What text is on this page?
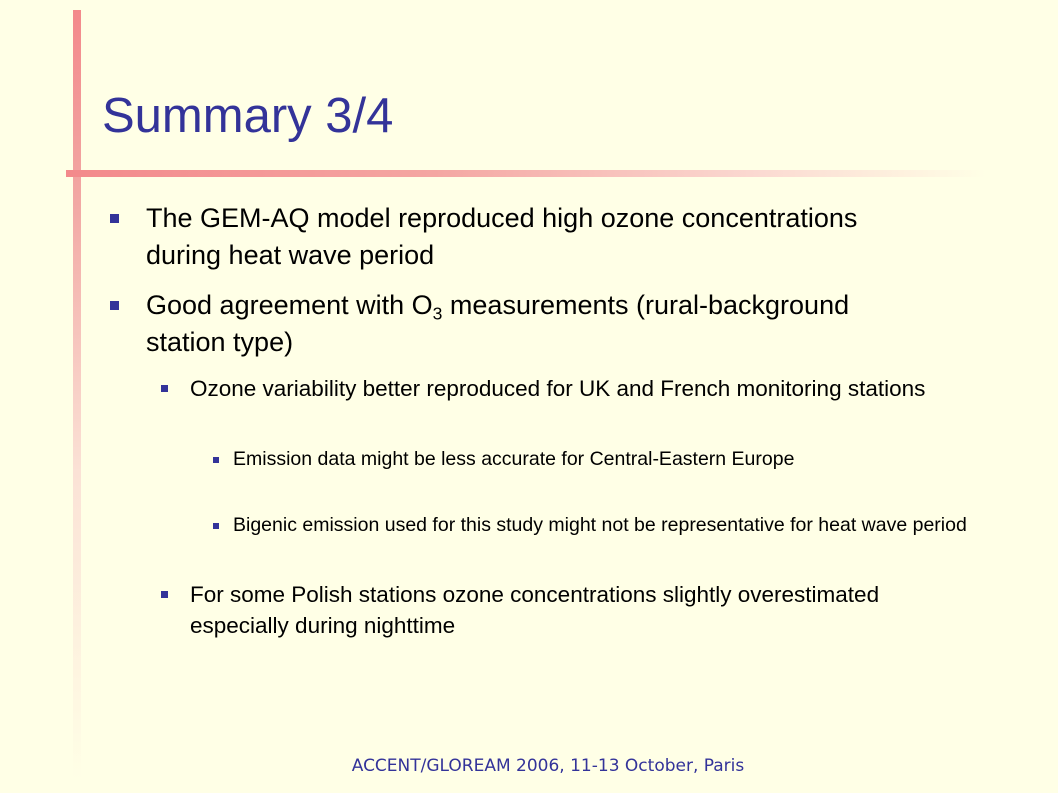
Summary 3/4
The GEM-AQ model reproduced high ozone concentrations during heat wave period
Good agreement with $O_3$ measurements (rural-background station type)
Ozone variability better reproduced for UK and French monitoring stations
Emission data might be less accurate for Central-Eastern Europe
Bigenic emission used for this study might not be representative for heat wave period
For some Polish stations ozone concentrations slightly overestimated especially during nighttime
ACCENT/GLOREAM 2006, 11-13 October, Paris
